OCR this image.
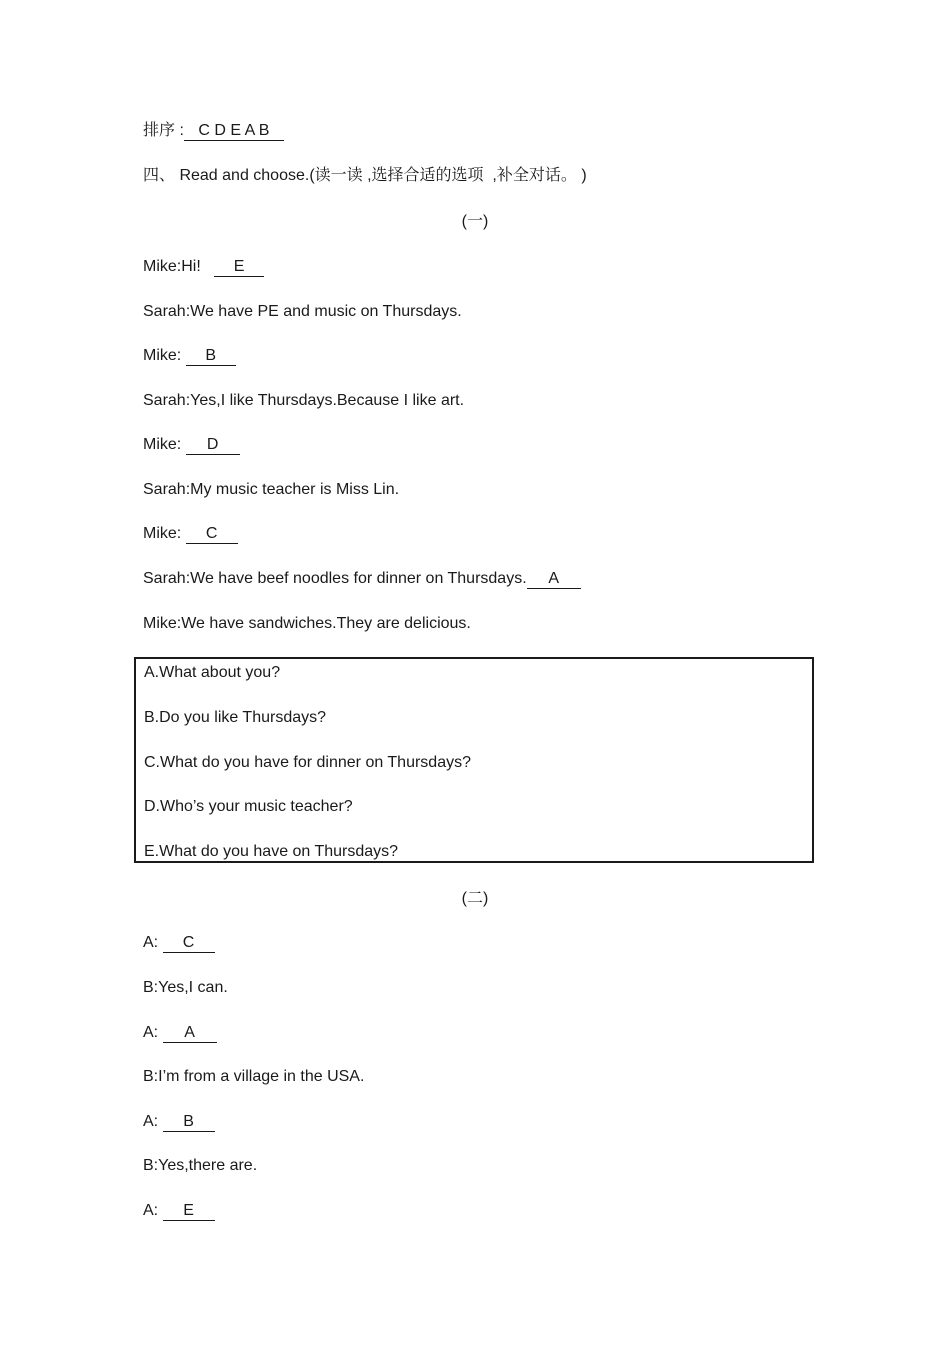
排序 : C D E A B
四、 Read and choose.(读一读 ,选择合适的选项  ,补全对话。 )
(一)
Mike:Hi!   E
Sarah:We have PE and music on Thursdays.
Mike: B
Sarah:Yes,I like Thursdays.Because I like art.
Mike: D
Sarah:My music teacher is Miss Lin.
Mike: C
Sarah:We have beef noodles for dinner on Thursdays. A
Mike:We have sandwiches.They are delicious.
A.What about you?
B.Do you like Thursdays?
C.What do you have for dinner on Thursdays?
D.Who’s your music teacher?
E.What do you have on Thursdays?
(二)
A: C
B:Yes,I can.
A: A
B:I’m from a village in the USA.
A: B
B:Yes,there are.
A: E
